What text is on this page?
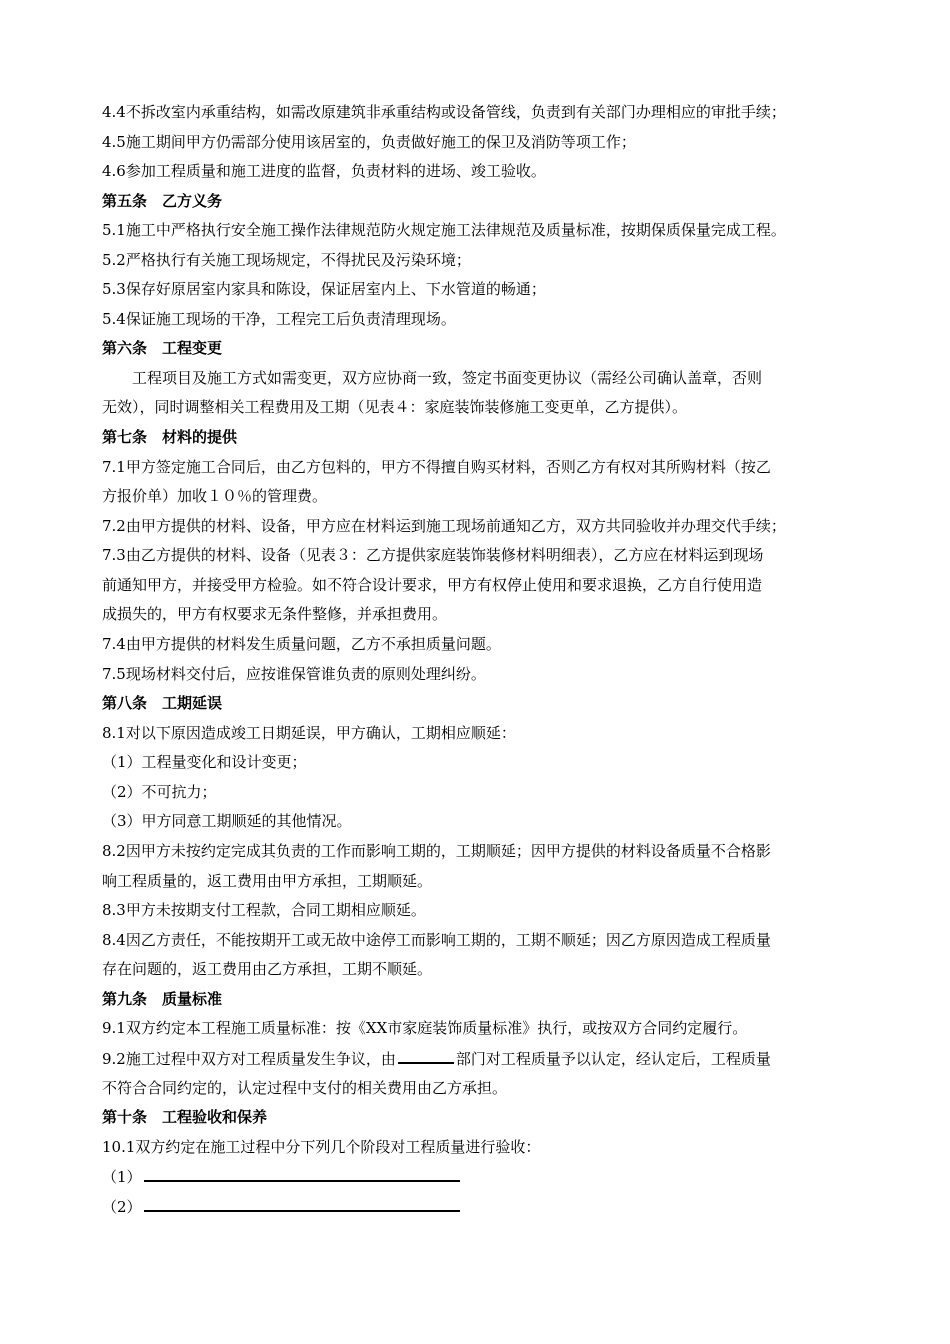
4.4不拆改室内承重结构，如需改原建筑非承重结构或设备管线，负责到有关部门办理相应的审批手续；
4.5施工期间甲方仍需部分使用该居室的，负责做好施工的保卫及消防等项工作；
4.6参加工程质量和施工进度的监督，负责材料的进场、竣工验收。
第五条　乙方义务
5.1施工中严格执行安全施工操作法律规范防火规定施工法律规范及质量标准，按期保质保量完成工程。
5.2严格执行有关施工现场规定，不得扰民及污染环境；
5.3保存好原居室内家具和陈设，保证居室内上、下水管道的畅通；
5.4保证施工现场的干净，工程完工后负责清理现场。
第六条　工程变更
　　工程项目及施工方式如需变更，双方应协商一致，签定书面变更协议（需经公司确认盖章，否则
无效），同时调整相关工程费用及工期（见表４：家庭装饰装修施工变更单，乙方提供）。
第七条　材料的提供
7.1甲方签定施工合同后，由乙方包料的，甲方不得擅自购买材料，否则乙方有权对其所购材料（按乙
方报价单）加收１０％的管理费。
7.2由甲方提供的材料、设备，甲方应在材料运到施工现场前通知乙方，双方共同验收并办理交代手续；
7.3由乙方提供的材料、设备（见表３：乙方提供家庭装饰装修材料明细表），乙方应在材料运到现场
前通知甲方，并接受甲方检验。如不符合设计要求，甲方有权停止使用和要求退换，乙方自行使用造
成损失的，甲方有权要求无条件整修，并承担费用。
7.4由甲方提供的材料发生质量问题，乙方不承担质量问题。
7.5现场材料交付后，应按谁保管谁负责的原则处理纠纷。
第八条　工期延误
8.1对以下原因造成竣工日期延误，甲方确认，工期相应顺延：
（1）工程量变化和设计变更；
（2）不可抗力；
（3）甲方同意工期顺延的其他情况。
8.2因甲方未按约定完成其负责的工作而影响工期的，工期顺延；因甲方提供的材料设备质量不合格影
响工程质量的，返工费用由甲方承担，工期顺延。
8.3甲方未按期支付工程款，合同工期相应顺延。
8.4因乙方责任，不能按期开工或无故中途停工而影响工期的，工期不顺延；因乙方原因造成工程质量
存在问题的，返工费用由乙方承担，工期不顺延。
第九条　质量标准
9.1双方约定本工程施工质量标准：按《XX市家庭装饰质量标准》执行，或按双方合同约定履行。
9.2施工过程中双方对工程质量发生争议，由	部门对工程质量予以认定，经认定后，工程质量
不符合合同约定的，认定过程中支付的相关费用由乙方承担。
第十条　工程验收和保养
10.1双方约定在施工过程中分下列几个阶段对工程质量进行验收：
（1）
（2）
